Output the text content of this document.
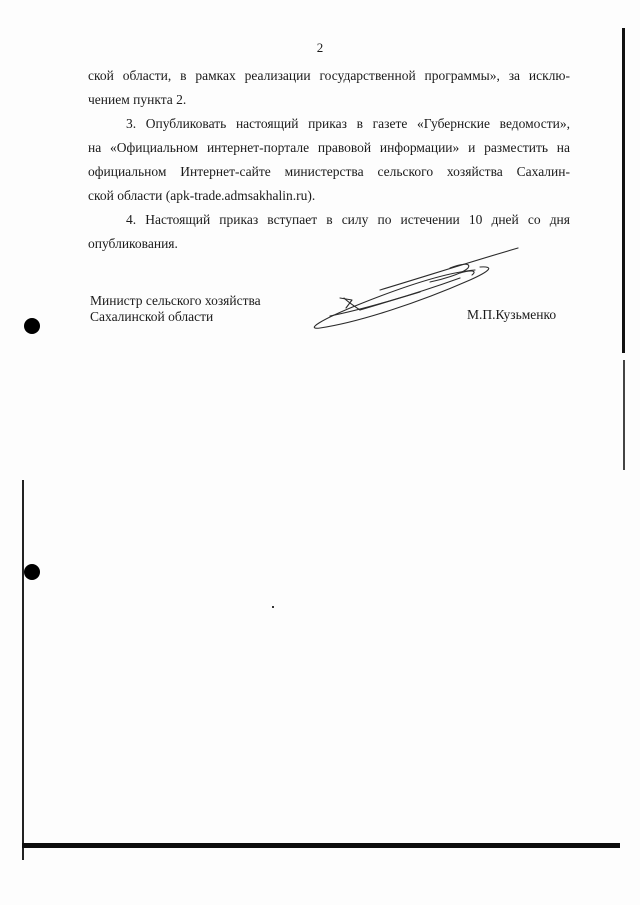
2

ской области, в рамках реализации государственной программы», за исклю-
чением пункта 2.

3. Опубликовать настоящий приказ в газете «Губернские ведомости»,
на «Официальном интернет-портале правовой информации» и разместить на
официальном Интернет-сайте министерства сельского хозяйства Сахалин-
ской области (apk-trade.admsakhalin.ru).

4. Настоящий приказ вступает в силу по истечении 10 дней со дня
опубликования.

Министр сельского хозяйства
Сахалинской области	М.П.Кузьменко
